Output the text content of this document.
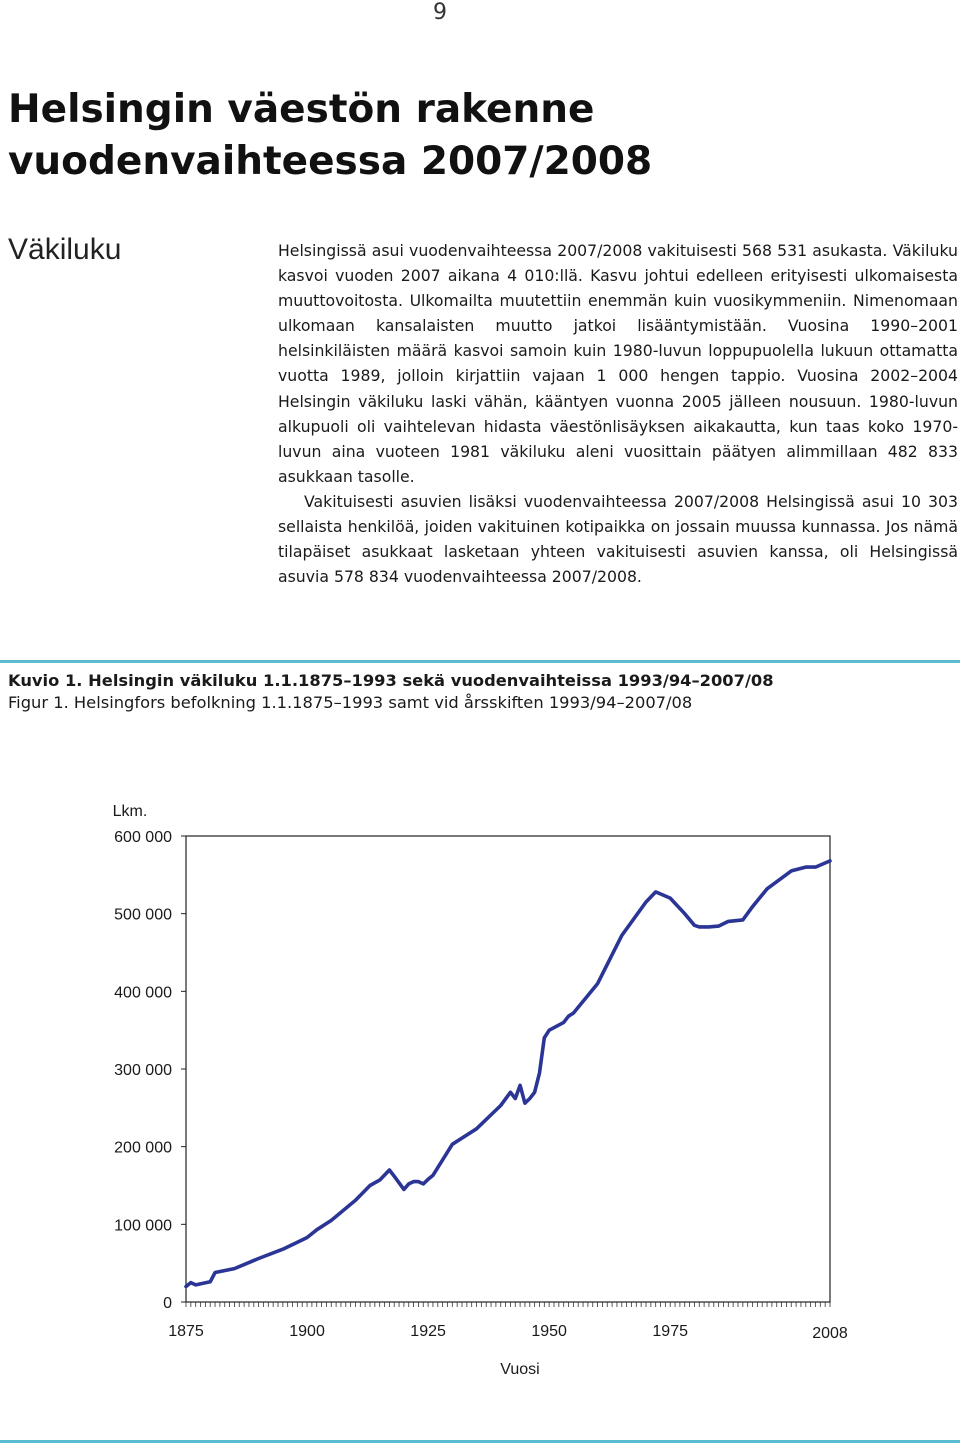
9
Helsingin väestön rakenne
vuodenvaihteessa 2007/2008
Väkiluku	Helsingissä asui vuodenvaihteessa 2007/2008 vakituisesti 568 531 asukasta. Väkiluku kasvoi vuoden 2007 aikana 4 010:llä. Kasvu johtui edelleen erityisesti ulkomaisesta muuttovoitosta. Ulkomailta muutettiin enemmän kuin vuosikymmeniin. Nimenomaan ulkomaan kansalaisten muutto jatkoi lisääntymistään. Vuosina 1990–2001 helsinkiläisten määrä kasvoi samoin kuin 1980-luvun loppupuolella lukuun ottamatta vuotta 1989, jolloin kirjattiin vajaan 1 000 hengen tappio. Vuosina 2002–2004 Helsingin väkiluku laski vähän, kääntyen vuonna 2005 jälleen nousuun. 1980-luvun alkupuoli oli vaihtelevan hidasta väestönlisäyksen aikakautta, kun taas koko 1970-luvun aina vuoteen 1981 väkiluku aleni vuosittain päätyen alimmillaan 482 833 asukkaan tasolle.

Vakituisesti asuvien lisäksi vuodenvaihteessa 2007/2008 Helsingissä asui 10 303 sellaista henkilöä, joiden vakituinen kotipaikka on jossain muussa kunnassa. Jos nämä tilapäiset asukkaat lasketaan yhteen vakituisesti asuvien kanssa, oli Helsingissä asuvia 578 834 vuodenvaihteessa 2007/2008.

Kuvio 1. Helsingin väkiluku 1.1.1875–1993 sekä vuodenvaihteissa 1993/94–2007/08
Figur 1. Helsingfors befolkning 1.1.1875–1993 samt vid årsskiften 1993/94–2007/08
0
100 000
200 000
300 000
400 000
500 000
600 000
Lkm.
1875	1900	1925	1950	1975	2008
Vuosi
